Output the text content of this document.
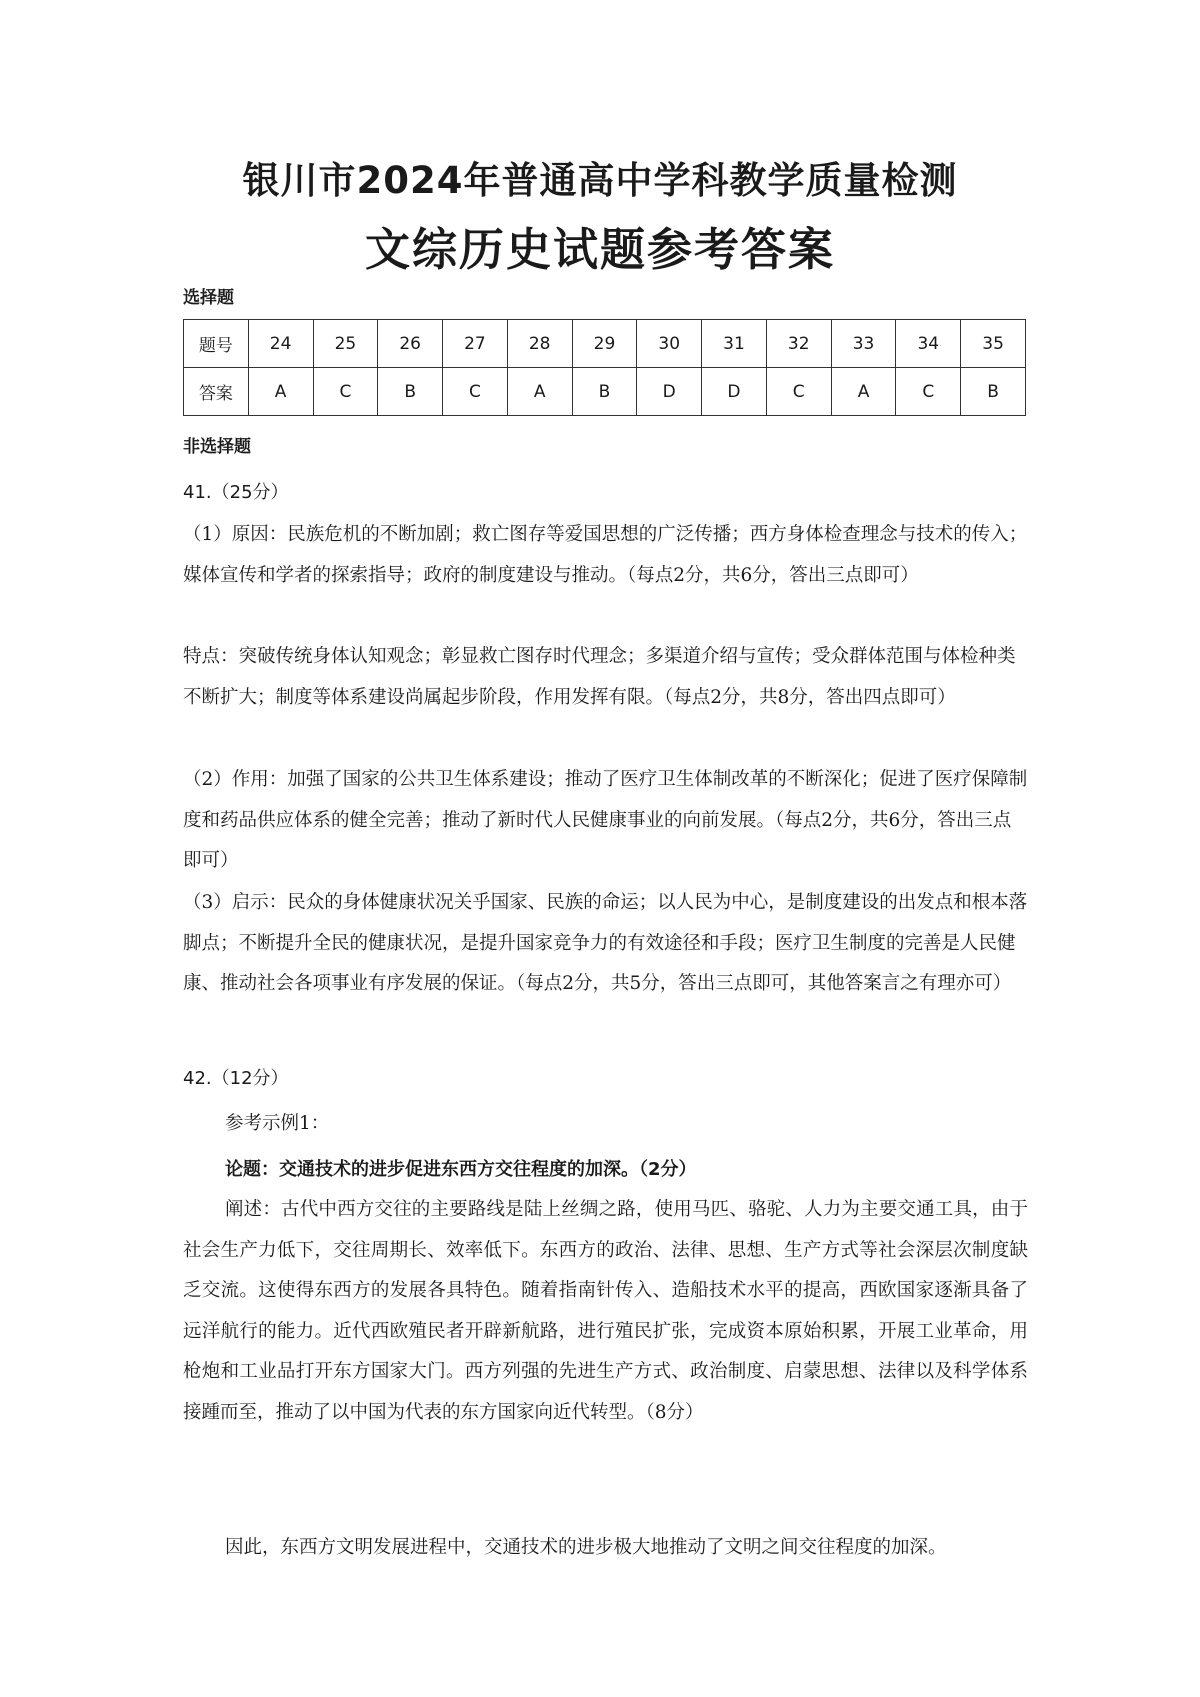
银川市2024年普通高中学科教学质量检测
文综历史试题参考答案
选择题
题号	24	25	26	27	28	29	30	31	32	33	34	35
答案	A	C	B	C	A	B	D	D	C	A	C	B
非选择题
41.（25分）
（1）原因：民族危机的不断加剧；救亡图存等爱国思想的广泛传播；西方身体检查理念与技术的传入；媒体宣传和学者的探索指导；政府的制度建设与推动。（每点2分，共6分，答出三点即可）
特点：突破传统身体认知观念；彰显救亡图存时代理念；多渠道介绍与宣传；受众群体范围与体检种类不断扩大；制度等体系建设尚属起步阶段，作用发挥有限。（每点2分，共8分，答出四点即可）
（2）作用：加强了国家的公共卫生体系建设；推动了医疗卫生体制改革的不断深化；促进了医疗保障制度和药品供应体系的健全完善；推动了新时代人民健康事业的向前发展。（每点2分，共6分，答出三点即可）
（3）启示：民众的身体健康状况关乎国家、民族的命运；以人民为中心，是制度建设的出发点和根本落脚点；不断提升全民的健康状况，是提升国家竞争力的有效途径和手段；医疗卫生制度的完善是人民健康、推动社会各项事业有序发展的保证。（每点2分，共5分，答出三点即可，其他答案言之有理亦可）
42.（12分）
参考示例1：
论题：交通技术的进步促进东西方交往程度的加深。（2分）
阐述：古代中西方交往的主要路线是陆上丝绸之路，使用马匹、骆驼、人力为主要交通工具，由于社会生产力低下，交往周期长、效率低下。东西方的政治、法律、思想、生产方式等社会深层次制度缺乏交流。这使得东西方的发展各具特色。随着指南针传入、造船技术水平的提高，西欧国家逐渐具备了远洋航行的能力。近代西欧殖民者开辟新航路，进行殖民扩张，完成资本原始积累，开展工业革命，用枪炮和工业品打开东方国家大门。西方列强的先进生产方式、政治制度、启蒙思想、法律以及科学体系接踵而至，推动了以中国为代表的东方国家向近代转型。（8分）
因此，东西方文明发展进程中，交通技术的进步极大地推动了文明之间交往程度的加深。
